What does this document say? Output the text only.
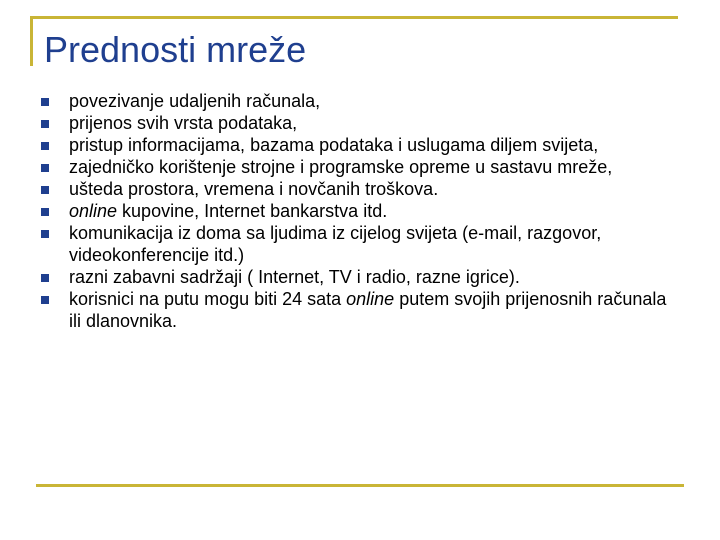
Prednosti mreže
povezivanje udaljenih računala,
prijenos svih vrsta podataka,
pristup informacijama, bazama podataka i uslugama diljem svijeta,
zajedničko korištenje strojne i programske opreme u sastavu mreže,
ušteda prostora, vremena i novčanih troškova.
online kupovine, Internet bankarstva itd.
komunikacija iz doma sa ljudima iz cijelog svijeta (e-mail, razgovor, videokonferencije itd.)
razni zabavni sadržaji ( Internet, TV i radio, razne igrice).
korisnici na putu mogu biti 24 sata online putem svojih prijenosnih računala ili dlanovnika.
